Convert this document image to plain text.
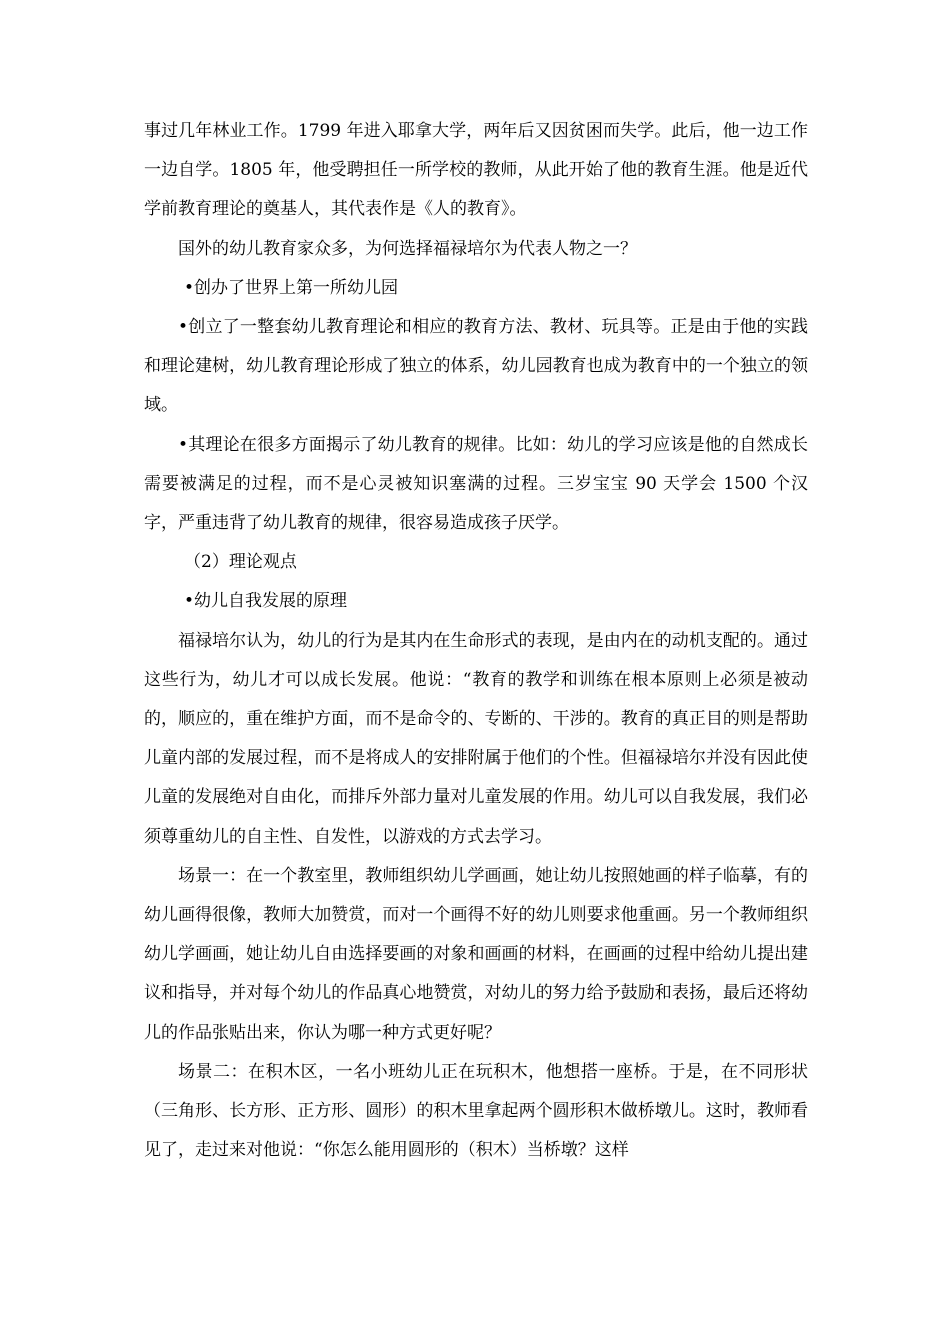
事过几年林业工作。1799 年进入耶拿大学，两年后又因贫困而失学。此后，他一边工作一边自学。1805 年，他受聘担任一所学校的教师，从此开始了他的教育生涯。他是近代学前教育理论的奠基人，其代表作是《人的教育》。

国外的幼儿教育家众多，为何选择福禄培尔为代表人物之一？

•创办了世界上第一所幼儿园

•创立了一整套幼儿教育理论和相应的教育方法、教材、玩具等。正是由于他的实践和理论建树，幼儿教育理论形成了独立的体系，幼儿园教育也成为教育中的一个独立的领域。

•其理论在很多方面揭示了幼儿教育的规律。比如：幼儿的学习应该是他的自然成长需要被满足的过程，而不是心灵被知识塞满的过程。三岁宝宝 90 天学会 1500 个汉字，严重违背了幼儿教育的规律，很容易造成孩子厌学。

（2）理论观点

•幼儿自我发展的原理

福禄培尔认为，幼儿的行为是其内在生命形式的表现，是由内在的动机支配的。通过这些行为，幼儿才可以成长发展。他说：“教育的教学和训练在根本原则上必须是被动的，顺应的，重在维护方面，而不是命令的、专断的、干涉的。教育的真正目的则是帮助儿童内部的发展过程，而不是将成人的安排附属于他们的个性。但福禄培尔并没有因此使儿童的发展绝对自由化，而排斥外部力量对儿童发展的作用。幼儿可以自我发展，我们必须尊重幼儿的自主性、自发性，以游戏的方式去学习。

场景一：在一个教室里，教师组织幼儿学画画，她让幼儿按照她画的样子临摹，有的幼儿画得很像，教师大加赞赏，而对一个画得不好的幼儿则要求他重画。另一个教师组织幼儿学画画，她让幼儿自由选择要画的对象和画画的材料，在画画的过程中给幼儿提出建议和指导，并对每个幼儿的作品真心地赞赏，对幼儿的努力给予鼓励和表扬，最后还将幼儿的作品张贴出来，你认为哪一种方式更好呢？

场景二：在积木区，一名小班幼儿正在玩积木，他想搭一座桥。于是，在不同形状（三角形、长方形、正方形、圆形）的积木里拿起两个圆形积木做桥墩儿。这时，教师看见了，走过来对他说：“你怎么能用圆形的（积木）当桥墩？这样
